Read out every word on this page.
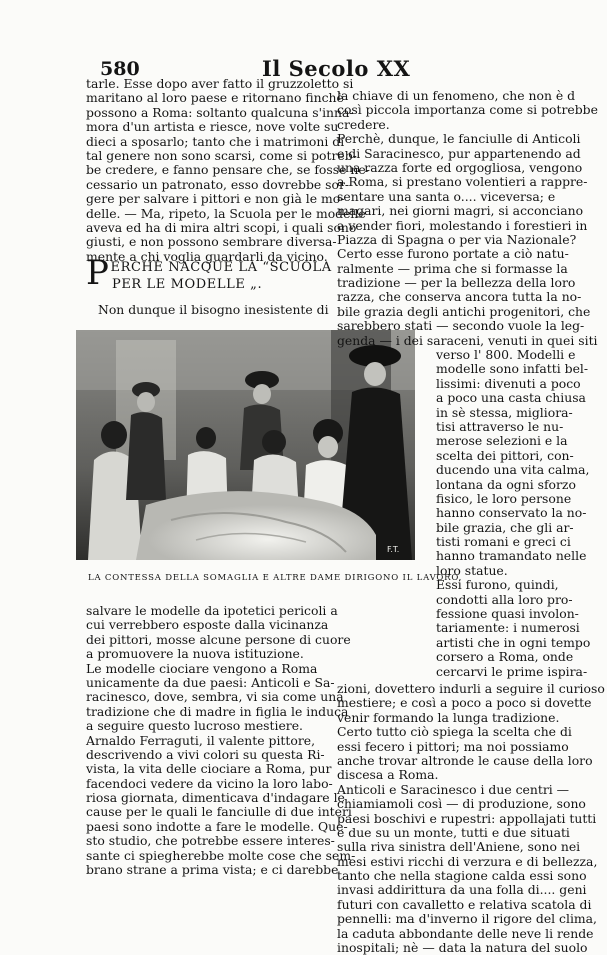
580	Il Secolo XX
tarle. Esse dopo aver fatto il gruzzoletto si
maritano al loro paese e ritornano finchè
possono a Roma: soltanto qualcuna s'inna-
mora d'un artista e riesce, nove volte su
dieci a sposarlo; tanto che i matrimoni di
tal genere non sono scarsi, come si potreb-
be credere, e fanno pensare che, se fosse ne-
cessario un patronato, esso dovrebbe sor-
gere per salvare i pittori e non già le mo-
delle. — Ma, ripeto, la Scuola per le modelle
aveva ed ha di mira altri scopi, i quali sono
giusti, e non possono sembrare diversa-
mente a chi voglia guardarli da vicino.
PERCHÈ NACQUE LA “SCUOLA
PER LE MODELLE „.
Non dunque il bisogno inesistente di
F.T.
LA CONTESSA DELLA SOMAGLIA E ALTRE DAME DIRIGONO IL LAVORO.
salvare le modelle da ipotetici pericoli a
cui verrebbero esposte dalla vicinanza
dei pittori, mosse alcune persone di cuore
a promuovere la nuova istituzione.
Le modelle ciociare vengono a Roma
unicamente da due paesi: Anticoli e Sa-
racinesco, dove, sembra, vi sia come una
tradizione che di madre in figlia le induca
a seguire questo lucroso mestiere.
Arnaldo Ferraguti, il valente pittore,
descrivendo a vivi colori su questa Ri-
vista, la vita delle ciociare a Roma, pur
facendoci vedere da vicino la loro labo-
riosa giornata, dimenticava d'indagare le
cause per le quali le fanciulle di due interi
paesi sono indotte a fare le modelle. Que-
sto studio, che potrebbe essere interes-
sante ci spiegherebbe molte cose che sem-
brano strane a prima vista; e ci darebbe
la chiave di un fenomeno, che non è d
così piccola importanza come si potrebbe
credere.
Perchè, dunque, le fanciulle di Anticoli
e di Saracinesco, pur appartenendo ad
una razza forte ed orgogliosa, vengono
a Roma, si prestano volentieri a rappre-
sentare una santa o.... viceversa; e
magari, nei giorni magri, si acconciano
a vender fiori, molestando i forestieri in
Piazza di Spagna o per via Nazionale?
Certo esse furono portate a ciò natu-
ralmente — prima che si formasse la
tradizione — per la bellezza della loro
razza, che conserva ancora tutta la no-
bile grazia degli antichi progenitori, che
sarebbero stati — secondo vuole la leg-
genda — i dei saraceni, venuti in quei siti
verso l' 800. Modelli e
modelle sono infatti bel-
lissimi: divenuti a poco
a poco una casta chiusa
in sè stessa, migliora-
tisi attraverso le nu-
merose selezioni e la
scelta dei pittori, con-
ducendo una vita calma,
lontana da ogni sforzo
fisico, le loro persone
hanno conservato la no-
bile grazia, che gli ar-
tisti romani e greci ci
hanno tramandato nelle
loro statue.
Essi furono, quindi,
condotti alla loro pro-
fessione quasi involon-
tariamente: i numerosi
artisti che in ogni tempo
corsero a Roma, onde
cercarvi le prime ispira-
zioni, dovettero indurli a seguire il curioso
mestiere; e così a poco a poco si dovette
venir formando la lunga tradizione.
Certo tutto ciò spiega la scelta che di
essi fecero i pittori; ma noi possiamo
anche trovar altronde le cause della loro
discesa a Roma.
Anticoli e Saracinesco i due centri —
chiamiamoli così — di produzione, sono
paesi boschivi e rupestri: appollajati tutti
e due su un monte, tutti e due situati
sulla riva sinistra dell'Aniene, sono nei
mesi estivi ricchi di verzura e di bellezza,
tanto che nella stagione calda essi sono
invasi addirittura da una folla di.... geni
futuri con cavalletto e relativa scatola di
pennelli: ma d'inverno il rigore del clima,
la caduta abbondante delle neve li rende
inospitali; nè — data la natura del suolo
